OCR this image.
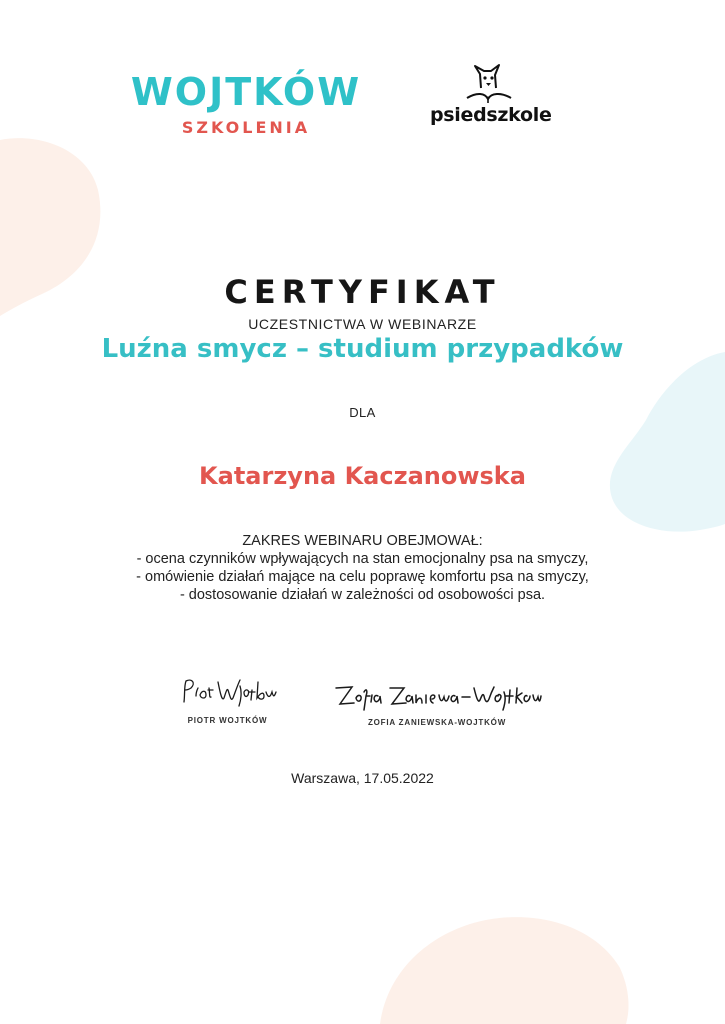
WOJTKÓW
SZKOLENIA
psiedszkole
CERTYFIKAT
UCZESTNICTWA W WEBINARZE
Luźna smycz – studium przypadków
DLA
Katarzyna Kaczanowska
ZAKRES WEBINARU OBEJMOWAŁ:
- ocena czynników wpływających na stan emocjonalny psa na smyczy,
- omówienie działań mające na celu poprawę komfortu psa na smyczy,
- dostosowanie działań w zależności od osobowości psa.
PIOTR WOJTKÓW	ZOFIA ZANIEWSKA-WOJTKÓW
Warszawa, 17.05.2022
